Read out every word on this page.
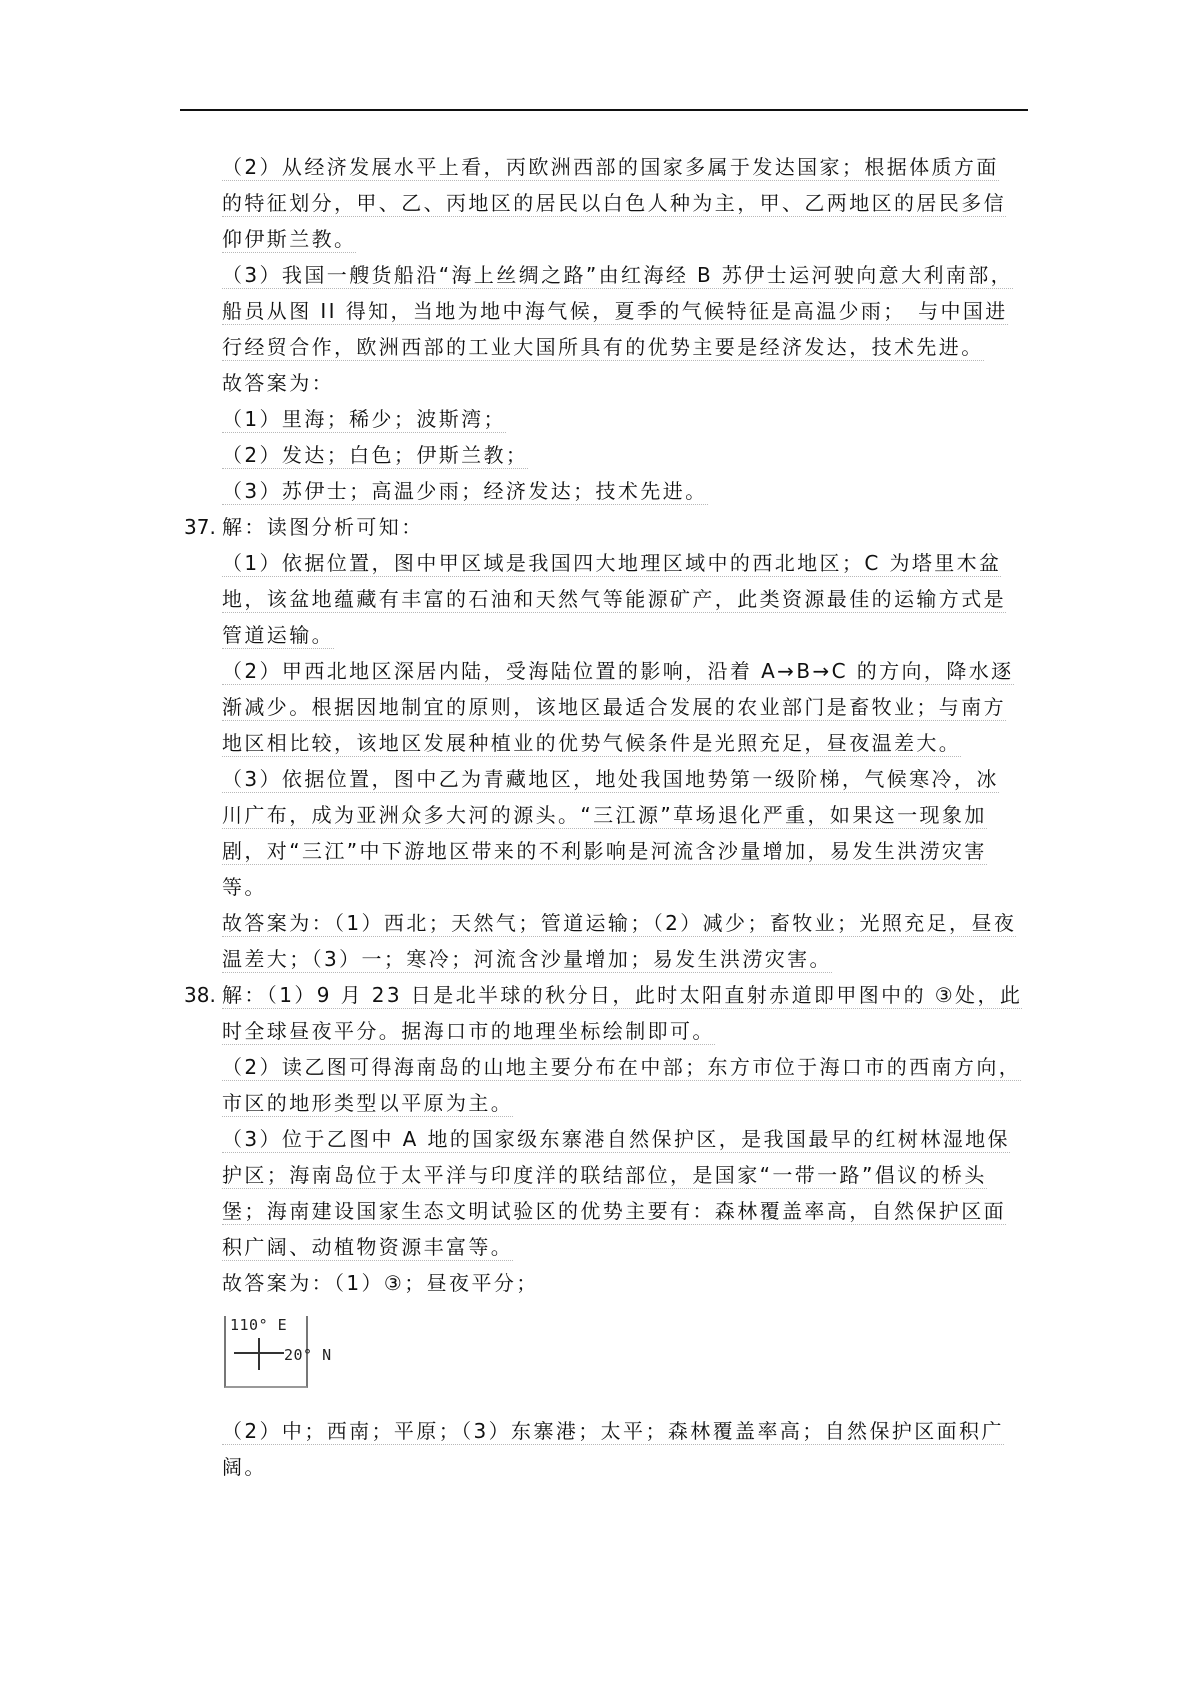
（2）从经济发展水平上看，丙欧洲西部的国家多属于发达国家；根据体质方面
的特征划分，甲、乙、丙地区的居民以白色人种为主，甲、乙两地区的居民多信
仰伊斯兰教。
（3）我国一艘货船沿“海上丝绸之路”由红海经 B 苏伊士运河驶向意大利南部，
船员从图 II 得知，当地为地中海气候，夏季的气候特征是高温少雨；　与中国进
行经贸合作，欧洲西部的工业大国所具有的优势主要是经济发达，技术先进。
故答案为：
（1）里海；稀少；波斯湾；
（2）发达；白色；伊斯兰教；
（3）苏伊士；高温少雨；经济发达；技术先进。
37. 解：读图分析可知：
（1）依据位置，图中甲区域是我国四大地理区域中的西北地区；C 为塔里木盆
地，该盆地蕴藏有丰富的石油和天然气等能源矿产，此类资源最佳的运输方式是
管道运输。
（2）甲西北地区深居内陆，受海陆位置的影响，沿着 A→B→C 的方向，降水逐
渐减少。根据因地制宜的原则，该地区最适合发展的农业部门是畜牧业；与南方
地区相比较，该地区发展种植业的优势气候条件是光照充足，昼夜温差大。
（3）依据位置，图中乙为青藏地区，地处我国地势第一级阶梯，气候寒冷，冰
川广布，成为亚洲众多大河的源头。“三江源”草场退化严重，如果这一现象加
剧，对“三江”中下游地区带来的不利影响是河流含沙量增加，易发生洪涝灾害
等。
故答案为：（1）西北；天然气；管道运输；（2）减少；畜牧业；光照充足，昼夜
温差大；（3）一；寒冷；河流含沙量增加；易发生洪涝灾害。
38. 解：（1）9 月 23 日是北半球的秋分日，此时太阳直射赤道即甲图中的 ③处，此
时全球昼夜平分。据海口市的地理坐标绘制即可。
（2）读乙图可得海南岛的山地主要分布在中部；东方市位于海口市的西南方向，
市区的地形类型以平原为主。
（3）位于乙图中 A 地的国家级东寨港自然保护区，是我国最早的红树林湿地保
护区；海南岛位于太平洋与印度洋的联结部位，是国家“一带一路”倡议的桥头
堡；海南建设国家生态文明试验区的优势主要有：森林覆盖率高，自然保护区面
积广阔、动植物资源丰富等。
故答案为：（1）③；昼夜平分；
110° E
20° N
（2）中；西南；平原；（3）东寨港；太平；森林覆盖率高；自然保护区面积广
阔。
